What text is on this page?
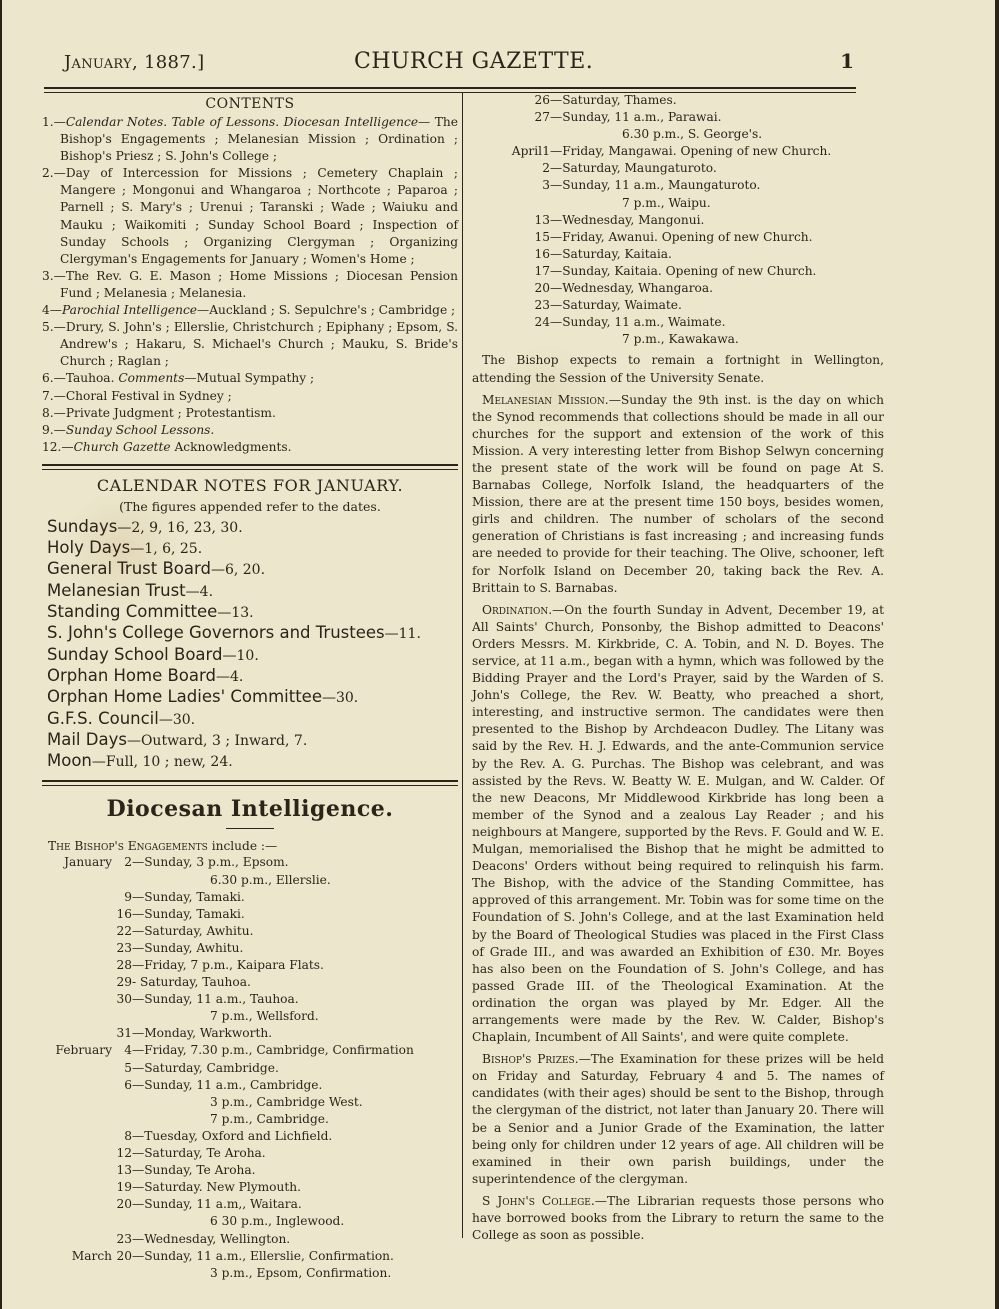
January, 1887.]	CHURCH GAZETTE.	1
CONTENTS
1.—Calendar Notes. Table of Lessons. Diocesan Intelligence— The Bishop's Engagements ; Melanesian Mission ; Ordination ; Bishop's Priesz ; S. John's College ;
2.—Day of Intercession for Missions ; Cemetery Chaplain ; Mangere ; Mongonui and Whangaroa ; Northcote ; Paparoa ; Parnell ; S. Mary's ; Urenui ; Taranski ; Wade ; Waiuku and Mauku ; Waikomiti ; Sunday School Board ; Inspection of Sunday Schools ; Organizing Clergyman ; Organizing Clergyman's Engagements for January ; Women's Home ;
3.—The Rev. G. E. Mason ; Home Missions ; Diocesan Pension Fund ; Melanesia ; Melanesia.
4—Parochial Intelligence—Auckland ; S. Sepulchre's ; Cambridge ;
5.—Drury, S. John's ; Ellerslie, Christchurch ; Epiphany ; Epsom, S. Andrew's ; Hakaru, S. Michael's Church ; Mauku, S. Bride's Church ; Raglan ;
6.—Tauhoa. Comments—Mutual Sympathy ;
7.—Choral Festival in Sydney ;
8.—Private Judgment ; Protestantism.
9.—Sunday School Lessons.
12.—Church Gazette Acknowledgments.
CALENDAR NOTES FOR JANUARY.
(The figures appended refer to the dates.
Sundays—2, 9, 16, 23, 30.
Holy Days—1, 6, 25.
General Trust Board—6, 20.
Melanesian Trust—4.
Standing Committee—13.
S. John's College Governors and Trustees—11.
Sunday School Board—10.
Orphan Home Board—4.
Orphan Home Ladies' Committee—30.
G.F.S. Council—30.
Mail Days—Outward, 3 ; Inward, 7.
Moon—Full, 10 ; new, 24.
Diocesan Intelligence.
The Bishop's Engagements include :—
January	2 —Sunday, 3 p.m., Epsom.
6.30 p.m., Ellerslie.
9 —Sunday, Tamaki.
16 —Sunday, Tamaki.
22 —Saturday, Awhitu.
23 —Sunday, Awhitu.
28 —Friday, 7 p.m., Kaipara Flats.
29 - Saturday, Tauhoa.
30 —Sunday, 11 a.m., Tauhoa.
7 p.m., Wellsford.
31 —Monday, Warkworth.
February	4 —Friday, 7.30 p.m., Cambridge, Confirmation
5 —Saturday, Cambridge.
6 —Sunday, 11 a.m., Cambridge.
3 p.m., Cambridge West.
7 p.m., Cambridge.
8 —Tuesday, Oxford and Lichfield.
12 —Saturday, Te Aroha.
13 —Sunday, Te Aroha.
19 —Saturday. New Plymouth.
20 —Sunday, 11 a.m,, Waitara.
6 30 p.m., Inglewood.
23 —Wednesday, Wellington.
March 20 —Sunday, 11 a.m., Ellerslie, Confirmation.
3 p.m., Epsom, Confirmation.
26 —Saturday, Thames.
27 —Sunday, 11 a.m., Parawai.
6.30 p.m., S. George's.
April 1 —Friday, Mangawai. Opening of new Church.
2 —Saturday, Maungaturoto.
3 —Sunday, 11 a.m., Maungaturoto.
7 p.m., Waipu.
13 —Wednesday, Mangonui.
15 —Friday, Awanui. Opening of new Church.
16 —Saturday, Kaitaia.
17 —Sunday, Kaitaia. Opening of new Church.
20 —Wednesday, Whangaroa.
23 —Saturday, Waimate.
24 —Sunday, 11 a.m., Waimate.
7 p.m., Kawakawa.

The Bishop expects to remain a fortnight in Wellington, attending the Session of the University Senate.

Melanesian Mission.—Sunday the 9th inst. is the day on which the Synod recommends that collections should be made in all our churches for the support and extension of the work of this Mission. A very interesting letter from Bishop Selwyn concerning the present state of the work will be found on page At S. Barnabas College, Norfolk Island, the headquarters of the Mission, there are at the present time 150 boys, besides women, girls and children. The number of scholars of the second generation of Christians is fast increasing ; and increasing funds are needed to provide for their teaching. The Olive, schooner, left for Norfolk Island on December 20, taking back the Rev. A. Brittain to S. Barnabas.

Ordination.—On the fourth Sunday in Advent, December 19, at All Saints' Church, Ponsonby, the Bishop admitted to Deacons' Orders Messrs. M. Kirkbride, C. A. Tobin, and N. D. Boyes. The service, at 11 a.m., began with a hymn, which was followed by the Bidding Prayer and the Lord's Prayer, said by the Warden of S. John's College, the Rev. W. Beatty, who preached a short, interesting, and instructive sermon. The candidates were then presented to the Bishop by Archdeacon Dudley. The Litany was said by the Rev. H. J. Edwards, and the ante-Communion service by the Rev. A. G. Purchas. The Bishop was celebrant, and was assisted by the Revs. W. Beatty W. E. Mulgan, and W. Calder. Of the new Deacons, Mr Middlewood Kirkbride has long been a member of the Synod and a zealous Lay Reader ; and his neighbours at Mangere, supported by the Revs. F. Gould and W. E. Mulgan, memorialised the Bishop that he might be admitted to Deacons' Orders without being required to relinquish his farm. The Bishop, with the advice of the Standing Committee, has approved of this arrangement. Mr. Tobin was for some time on the Foundation of S. John's College, and at the last Examination held by the Board of Theological Studies was placed in the First Class of Grade III., and was awarded an Exhibition of £30. Mr. Boyes has also been on the Foundation of S. John's College, and has passed Grade III. of the Theological Examination. At the ordination the organ was played by Mr. Edger. All the arrangements were made by the Rev. W. Calder, Bishop's Chaplain, Incumbent of All Saints', and were quite complete.

Bishop's Prizes.—The Examination for these prizes will be held on Friday and Saturday, February 4 and 5. The names of candidates (with their ages) should be sent to the Bishop, through the clergyman of the district, not later than January 20. There will be a Senior and a Junior Grade of the Examination, the latter being only for children under 12 years of age. All children will be examined in their own parish buildings, under the superintendence of the clergyman.

S John's College.—The Librarian requests those persons who have borrowed books from the Library to return the same to the College as soon as possible.
